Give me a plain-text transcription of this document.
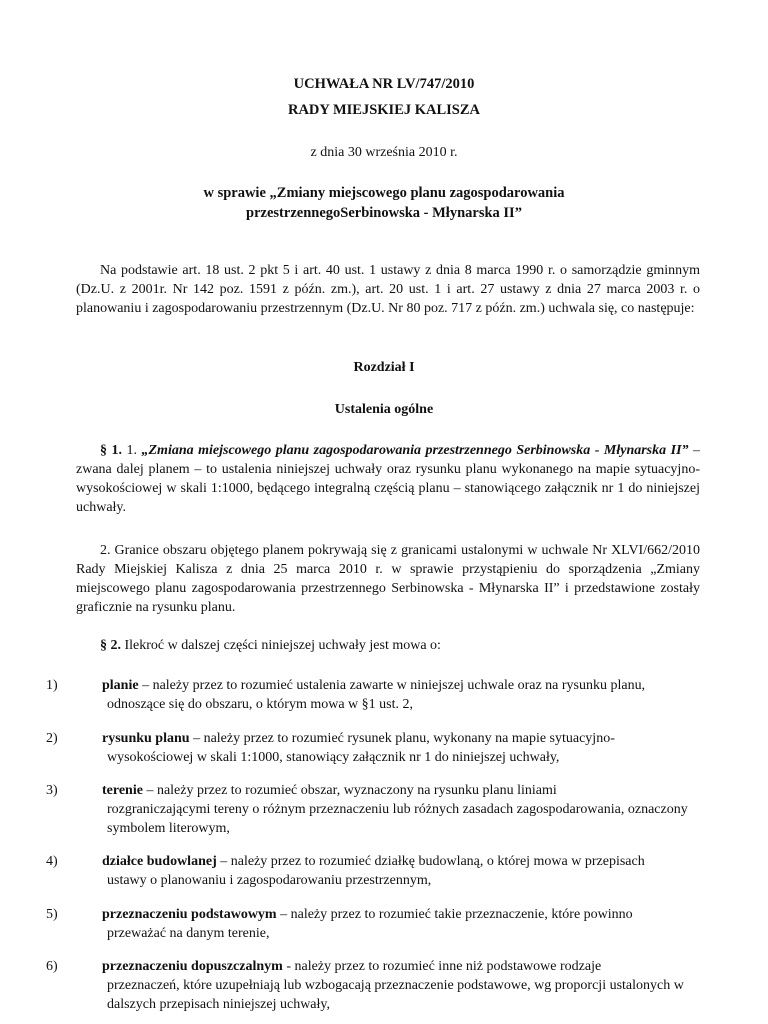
UCHWAŁA NR LV/747/2010
RADY MIEJSKIEJ KALISZA
z dnia 30 września 2010 r.
w sprawie „Zmiany miejscowego planu zagospodarowania
przestrzennegoSerbinowska - Młynarska II”
Na podstawie art. 18 ust. 2 pkt 5 i art. 40 ust. 1 ustawy z dnia 8 marca 1990 r. o samorządzie gminnym (Dz.U. z 2001r. Nr 142 poz. 1591 z późn. zm.), art. 20 ust. 1 i art. 27 ustawy z dnia 27 marca 2003 r. o planowaniu i zagospodarowaniu przestrzennym (Dz.U. Nr 80 poz. 717 z późn. zm.) uchwala się, co następuje:
Rozdział I
Ustalenia ogólne
§ 1. 1. „Zmiana miejscowego planu zagospodarowania przestrzennego Serbinowska - Młynarska II” – zwana dalej planem – to ustalenia niniejszej uchwały oraz rysunku planu wykonanego na mapie sytuacyjno-wysokościowej w skali 1:1000, będącego integralną częścią planu – stanowiącego załącznik nr 1 do niniejszej uchwały.
2. Granice obszaru objętego planem pokrywają się z granicami ustalonymi w uchwale Nr XLVI/662/2010 Rady Miejskiej Kalisza z dnia 25 marca 2010 r. w sprawie przystąpieniu do sporządzenia „Zmiany miejscowego planu zagospodarowania przestrzennego Serbinowska - Młynarska II” i przedstawione zostały graficznie na rysunku planu.
§ 2. Ilekroć w dalszej części niniejszej uchwały jest mowa o:
1)	planie – należy przez to rozumieć ustalenia zawarte w niniejszej uchwale oraz na rysunku planu,
odnoszące się do obszaru, o którym mowa w §1 ust. 2,
2)	rysunku planu – należy przez to rozumieć rysunek planu, wykonany na mapie sytuacyjno-
wysokościowej w skali 1:1000, stanowiący załącznik nr 1 do niniejszej uchwały,
3)	terenie – należy przez to rozumieć obszar, wyznaczony na rysunku planu liniami
rozgraniczającymi tereny o różnym przeznaczeniu lub różnych zasadach zagospodarowania, oznaczony symbolem literowym,
4)	działce budowlanej – należy przez to rozumieć działkę budowlaną, o której mowa w przepisach
ustawy o planowaniu i zagospodarowaniu przestrzennym,
5)	przeznaczeniu podstawowym – należy przez to rozumieć takie przeznaczenie, które powinno
przeważać na danym terenie,
6)	przeznaczeniu dopuszczalnym - należy przez to rozumieć inne niż podstawowe rodzaje
przeznaczeń, które uzupełniają lub wzbogacają przeznaczenie podstawowe, wg proporcji ustalonych w dalszych przepisach niniejszej uchwały,
